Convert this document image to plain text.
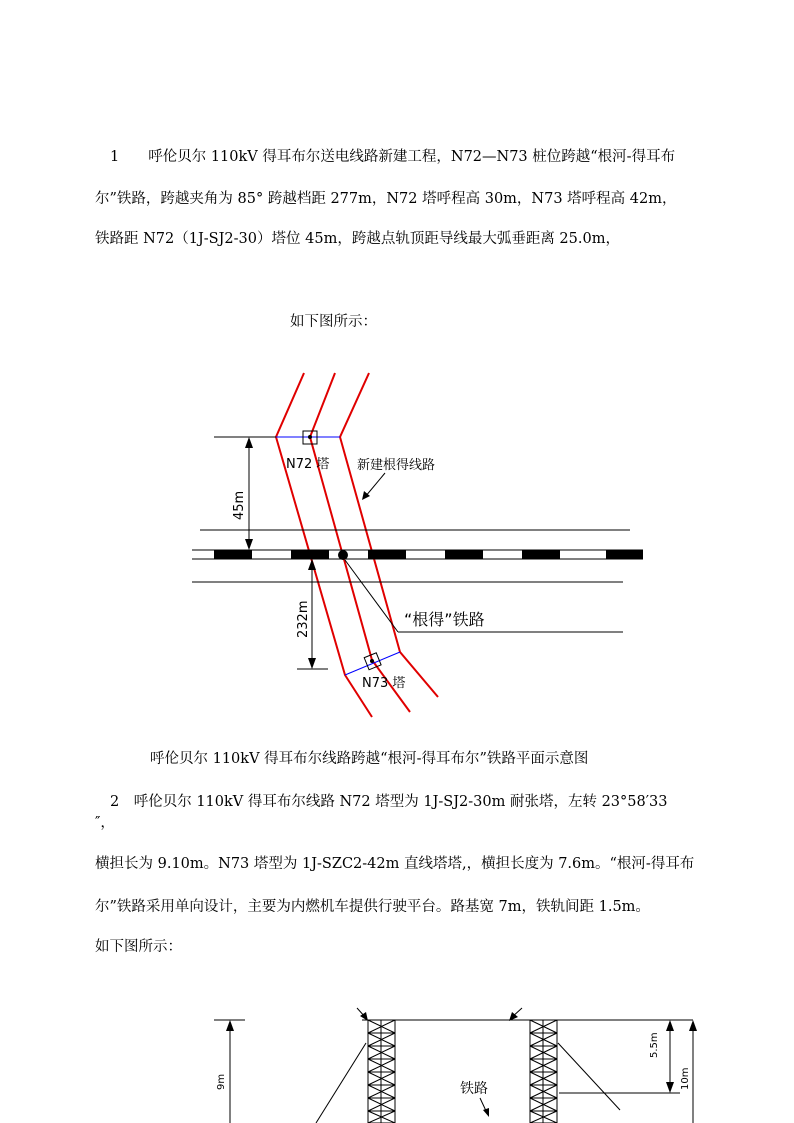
1　　呼伦贝尔 110kV 得耳布尔送电线路新建工程，N72—N73 桩位跨越“根河-得耳布
尔”铁路，跨越夹角为 85° 跨越档距 277m，N72 塔呼程高 30m，N73 塔呼程高 42m，
铁路距 N72（1J-SJ2-30）塔位 45m，跨越点轨顶距导线最大弧垂距离 25.0m，
如下图所示：
N72 塔
N73 塔
新建根得线路
“根得”铁路
45m
232m
呼伦贝尔 110kV 得耳布尔线路跨越“根河-得耳布尔”铁路平面示意图
2　呼伦贝尔 110kV 得耳布尔线路 N72 塔型为 1J-SJ2-30m 耐张塔，左转 23°58′33
″，
横担长为 9.10m。N73 塔型为 1J-SZC2-42m 直线塔塔,，横担长度为 7.6m。“根河-得耳布
尔”铁路采用单向设计，主要为内燃机车提供行驶平台。路基宽 7m，铁轨间距 1.5m。
如下图所示：
9m
5.5m
10m
铁路
